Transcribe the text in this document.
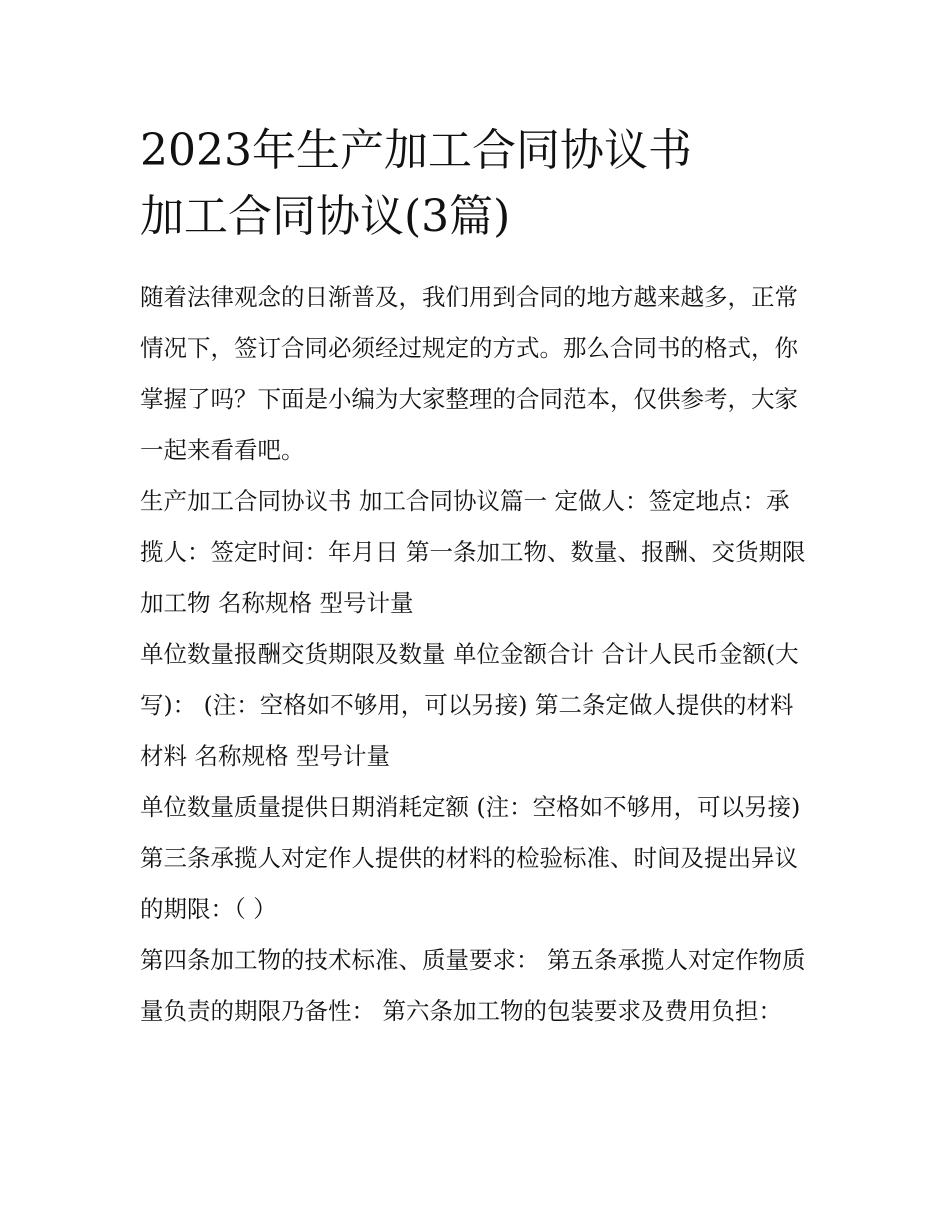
2023年生产加工合同协议书
加工合同协议(3篇)

随着法律观念的日渐普及，我们用到合同的地方越来越多，正常情况下，签订合同必须经过规定的方式。那么合同书的格式，你掌握了吗？下面是小编为大家整理的合同范本，仅供参考，大家一起来看看吧。

生产加工合同协议书 加工合同协议篇一 定做人：签定地点：承揽人：签定时间：年月日 第一条加工物、数量、报酬、交货期限 加工物 名称规格 型号计量

单位数量报酬交货期限及数量 单位金额合计 合计人民币金额(大写)： (注：空格如不够用，可以另接) 第二条定做人提供的材料 材料 名称规格 型号计量

单位数量质量提供日期消耗定额 (注：空格如不够用，可以另接) 第三条承揽人对定作人提供的材料的检验标准、时间及提出异议的期限：（ ）

第四条加工物的技术标准、质量要求： 第五条承揽人对定作物质量负责的期限乃备性： 第六条加工物的包装要求及费用负担：
